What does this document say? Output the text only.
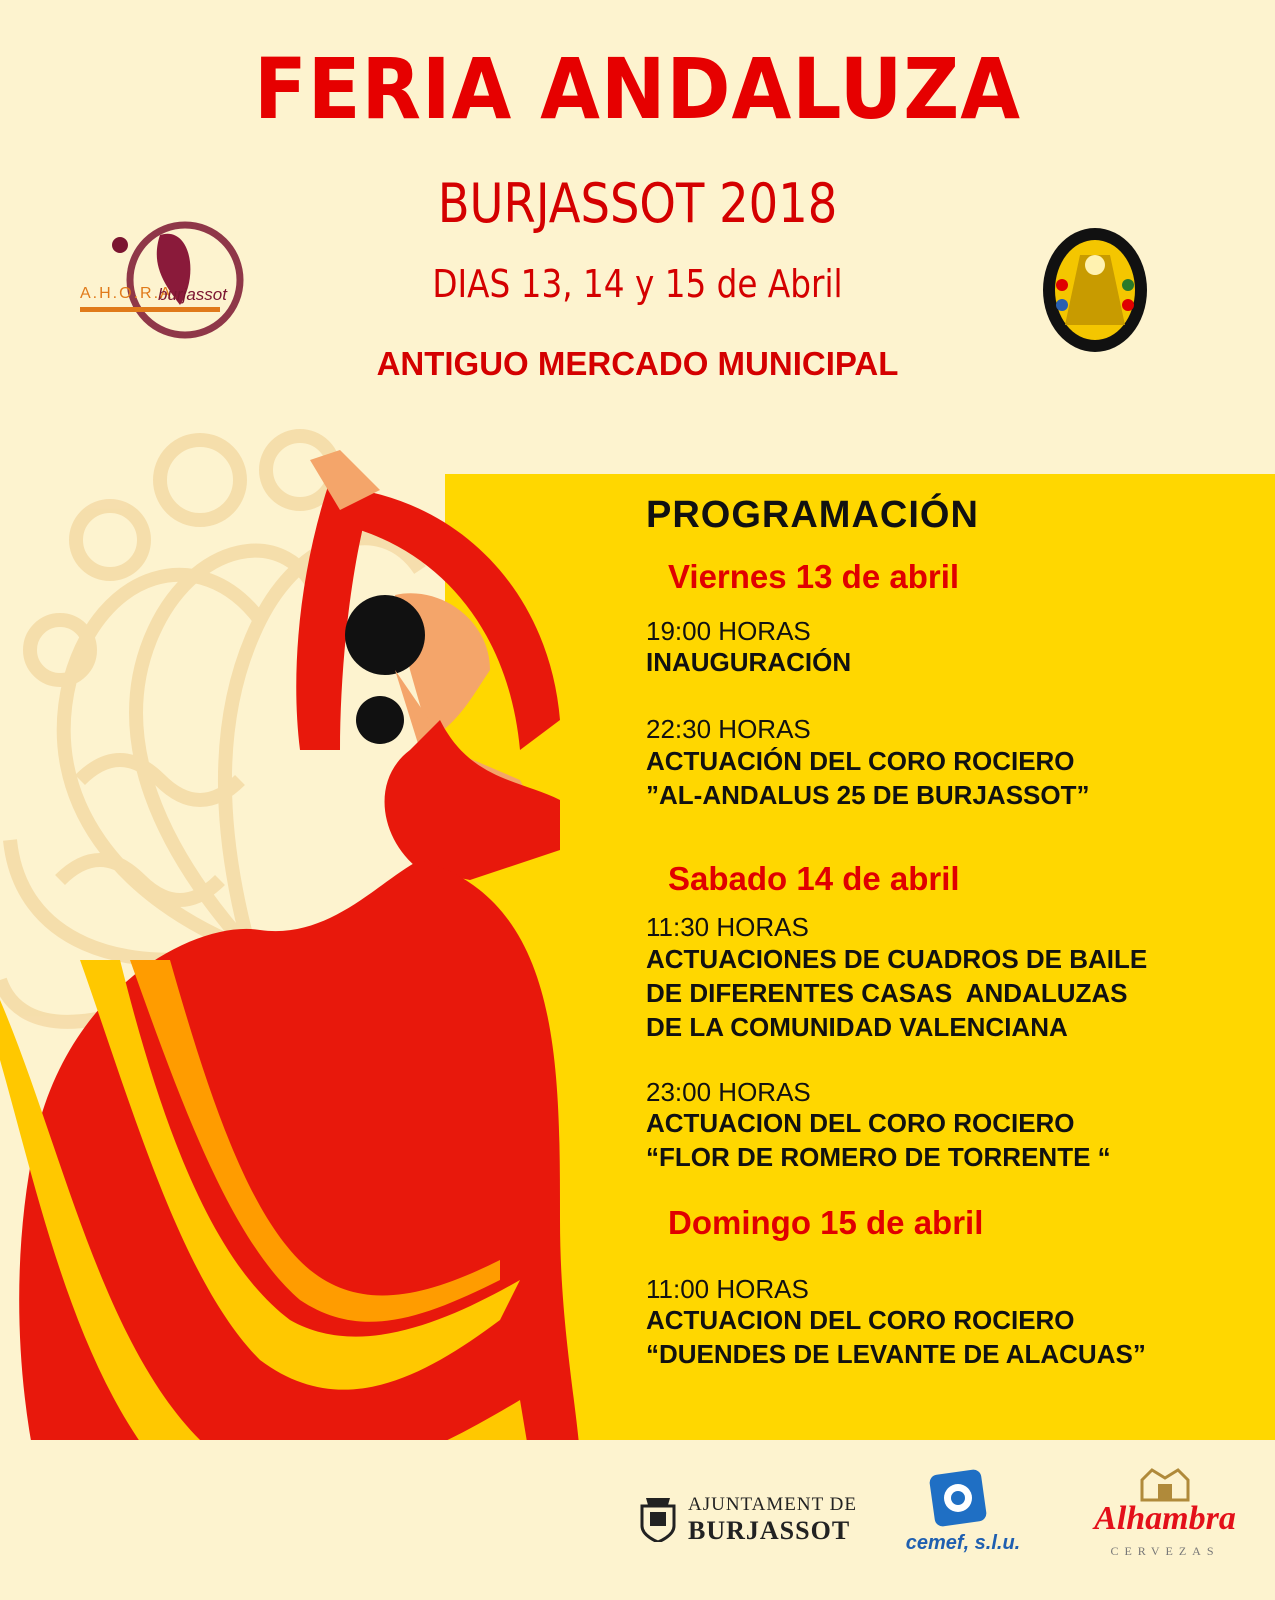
FERIA ANDALUZA
BURJASSOT 2018
DIAS 13, 14 y 15 de Abril
ANTIGUO MERCADO MUNICIPAL
A.H.O.R.A.
burjassot
PROGRAMACIÓN
Viernes 13 de abril
19:00 HORAS
INAUGURACIÓN
22:30 HORAS
ACTUACIÓN DEL CORO ROCIERO
”AL-ANDALUS 25 DE BURJASSOT”
Sabado 14 de abril
11:30 HORAS
ACTUACIONES DE CUADROS DE BAILE
DE DIFERENTES CASAS  ANDALUZAS
DE LA COMUNIDAD VALENCIANA
23:00 HORAS
ACTUACION DEL CORO ROCIERO
“FLOR DE ROMERO DE TORRENTE “
Domingo 15 de abril
11:00 HORAS
ACTUACION DEL CORO ROCIERO
“DUENDES DE LEVANTE DE ALACUAS”
AJUNTAMENT DE
BURJASSOT	cemef, s.l.u.
Alhambra
CERVEZAS
